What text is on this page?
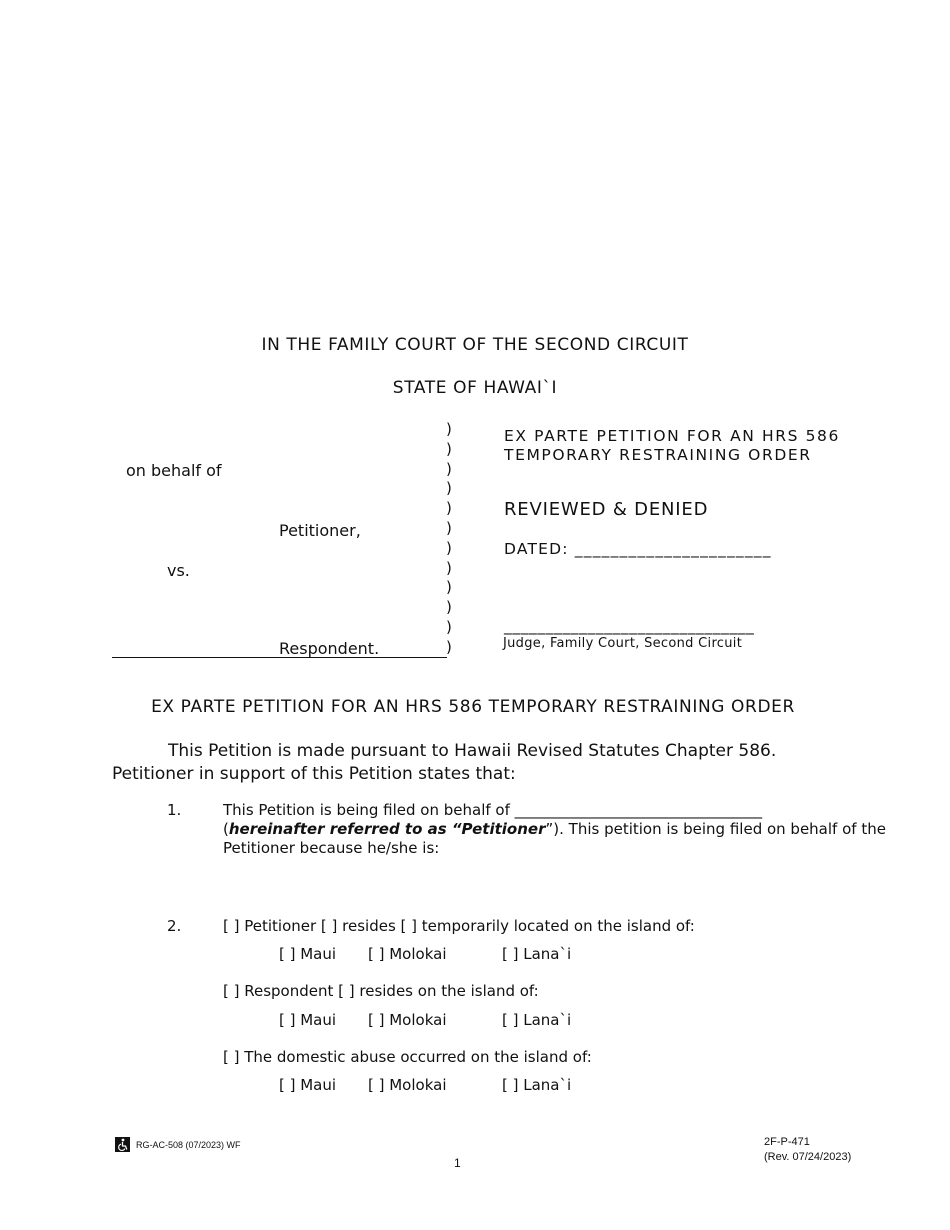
IN THE FAMILY COURT OF THE SECOND CIRCUIT
STATE OF HAWAI`I
on behalf of
Petitioner,
vs.
Respondent.
)
)
)
)
)
)
)
)
)
)
)
)
EX PARTE PETITION FOR AN HRS 586
TEMPORARY RESTRAINING ORDER
REVIEWED & DENIED
DATED: ______________________
______________________________
Judge, Family Court, Second Circuit
EX PARTE PETITION FOR AN HRS 586 TEMPORARY RESTRAINING ORDER
This Petition is made pursuant to Hawaii Revised Statutes Chapter 586.
Petitioner in support of this Petition states that:
1.	This Petition is being filed on behalf of _________________________________
(hereinafter referred to as “Petitioner”). This petition is being filed on behalf of the
Petitioner because he/she is:
2.	[ ] Petitioner [ ] resides [ ] temporarily located on the island of:
[ ] Maui [ ] Molokai	[ ] Lana`i
[ ] Respondent [ ] resides on the island of:
[ ] Maui [ ] Molokai	[ ] Lana`i
[ ] The domestic abuse occurred on the island of:
[ ] Maui [ ] Molokai	[ ] Lana`i
RG-AC-508 (07/2023) WF
1
2F-P-471
(Rev. 07/24/2023)
